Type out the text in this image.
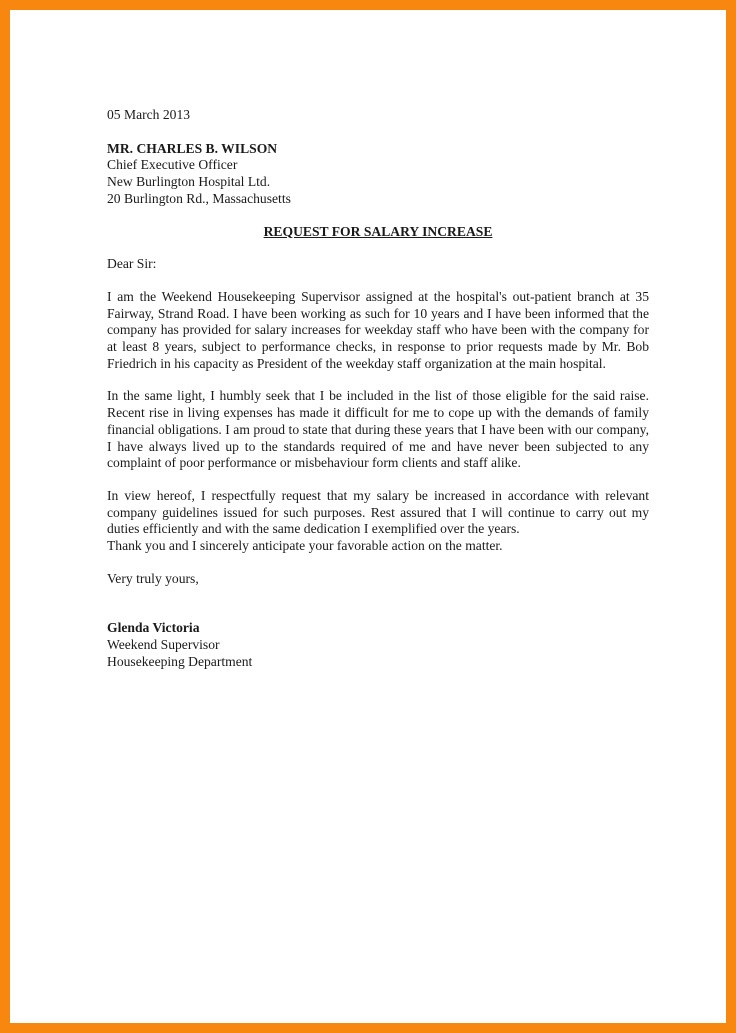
05 March 2013

MR. CHARLES B. WILSON

Chief Executive Officer

New Burlington Hospital Ltd.

20 Burlington Rd., Massachusetts

REQUEST FOR SALARY INCREASE

Dear Sir:

I am the Weekend Housekeeping Supervisor assigned at the hospital's out-patient branch at 35 Fairway, Strand Road. I have been working as such for 10 years and I have been informed that the company has provided for salary increases for weekday staff who have been with the company for at least 8 years, subject to performance checks, in response to prior requests made by Mr. Bob Friedrich in his capacity as President of the weekday staff organization at the main hospital.

In the same light, I humbly seek that I be included in the list of those eligible for the said raise. Recent rise in living expenses has made it difficult for me to cope up with the demands of family financial obligations. I am proud to state that during these years that I have been with our company, I have always lived up to the standards required of me and have never been subjected to any complaint of poor performance or misbehaviour form clients and staff alike.

In view hereof, I respectfully request that my salary be increased in accordance with relevant company guidelines issued for such purposes. Rest assured that I will continue to carry out my duties efficiently and with the same dedication I exemplified over the years.

Thank you and I sincerely anticipate your favorable action on the matter.

Very truly yours,

Glenda Victoria

Weekend Supervisor

Housekeeping Department
